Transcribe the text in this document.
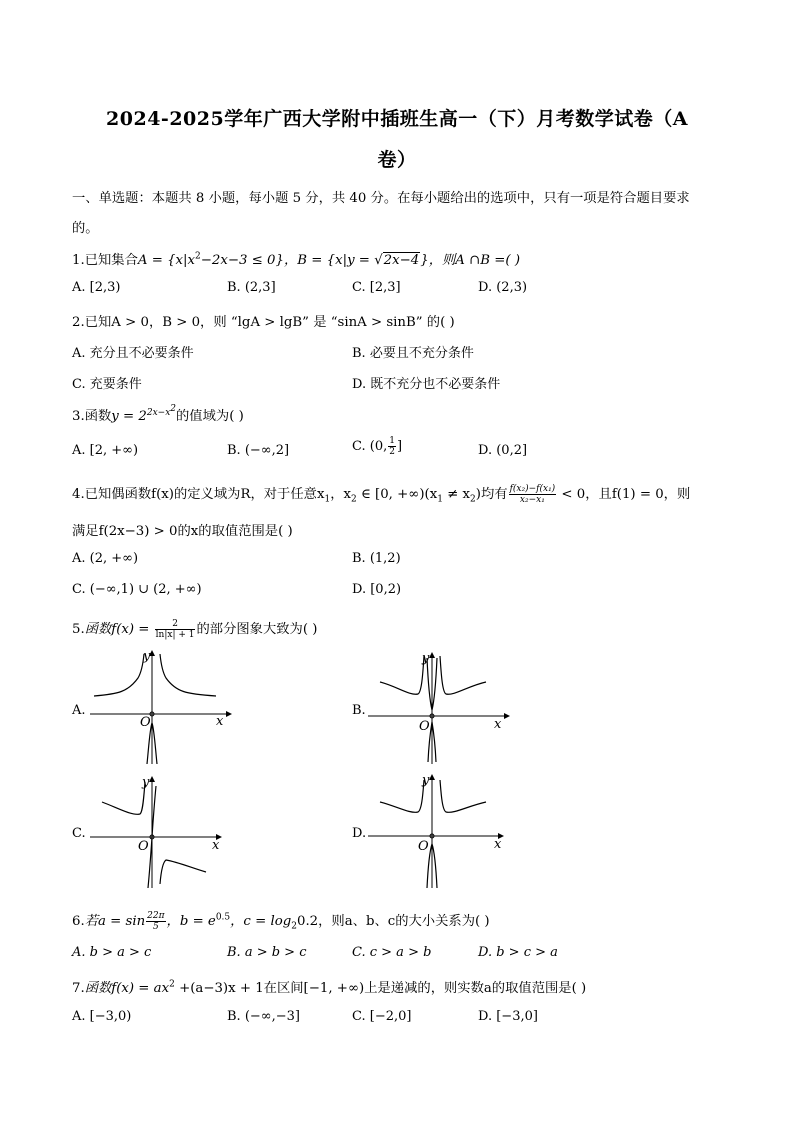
2024-2025学年广西大学附中插班生高一（下）月考数学试卷（A
卷）
一、单选题：本题共 8 小题，每小题 5 分，共 40 分。在每小题给出的选项中，只有一项是符合题目要求
的。
1.已知集合$A = \{x|x^2-2x-3 \le 0\}$，B = {x|y = √2x−4}，则A ∩B =( )
A. [2,3)	B. (2,3]	C. [2,3]	D. (2,3)
2.已知A > 0，B > 0，则 “lgA > lgB” 是 “sinA > sinB” 的( )
A. 充分且不必要条件	B. 必要且不充分条件
C. 充要条件	D. 既不充分也不必要条件
3.函数$y = 2^{2x-x^2}$的值域为( )
A. [2, +∞)	B. (−∞,2]	C. (0, $\frac{1}{2}$ ]	D. (0,2]
4.已知偶函数f(x)的定义域为R，对于任意$x_1$，$x_2$ ∈ [0, $+\infty)(x_1 \ne x_2)$均有 $\frac{\text{f(x₂)−f(x₁)}}{\text{x₂−x₁}} < 0$，且f(1) = 0，则
满足f(2x−3) > 0的x的取值范围是( )
A. (2, +∞)	B. (1,2)
C. (−∞,1) ∪ (2, +∞)	D. [0,2)
5.函数$f(x) = \frac{2}{\ln|x| + 1}$ 的部分图象大致为( )
A.
x
y
O
B.
x
y
O
C.
x
y
O
D.
x
y
O
6.若$a = \sin \frac{22\pi}{5}$ ，$b = e^{0.5}$，$c = \log_20.2$，则a、b、c的大小关系为( )
A. b > a > c	B. a > b > c	C. c > a > b	D. b > c > a
7.函数$f(x) = ax^2 +(a-3)x + 1$在区间[−1, +∞)上是递减的，则实数a的取值范围是( )
A. [−3,0)	B. (−∞,−3]	C. [−2,0]	D. [−3,0]
